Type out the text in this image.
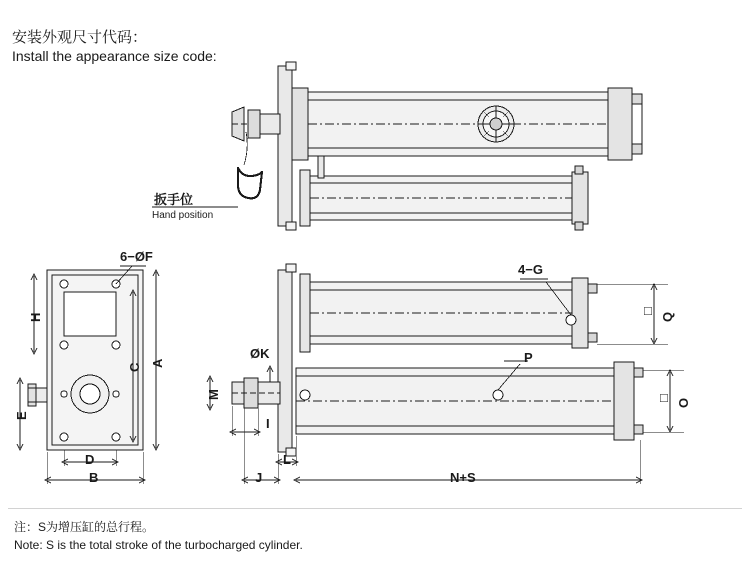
安装外观尺寸代码：
Install the appearance size code:
扳手位
Hand position
6−ØF
4−G
ØK	P
M
I
L
J	N+S
□ Q
□ O
H
E
C A
D
B
注：S为增压缸的总行程。
Note: S is the total stroke of the turbocharged cylinder.
